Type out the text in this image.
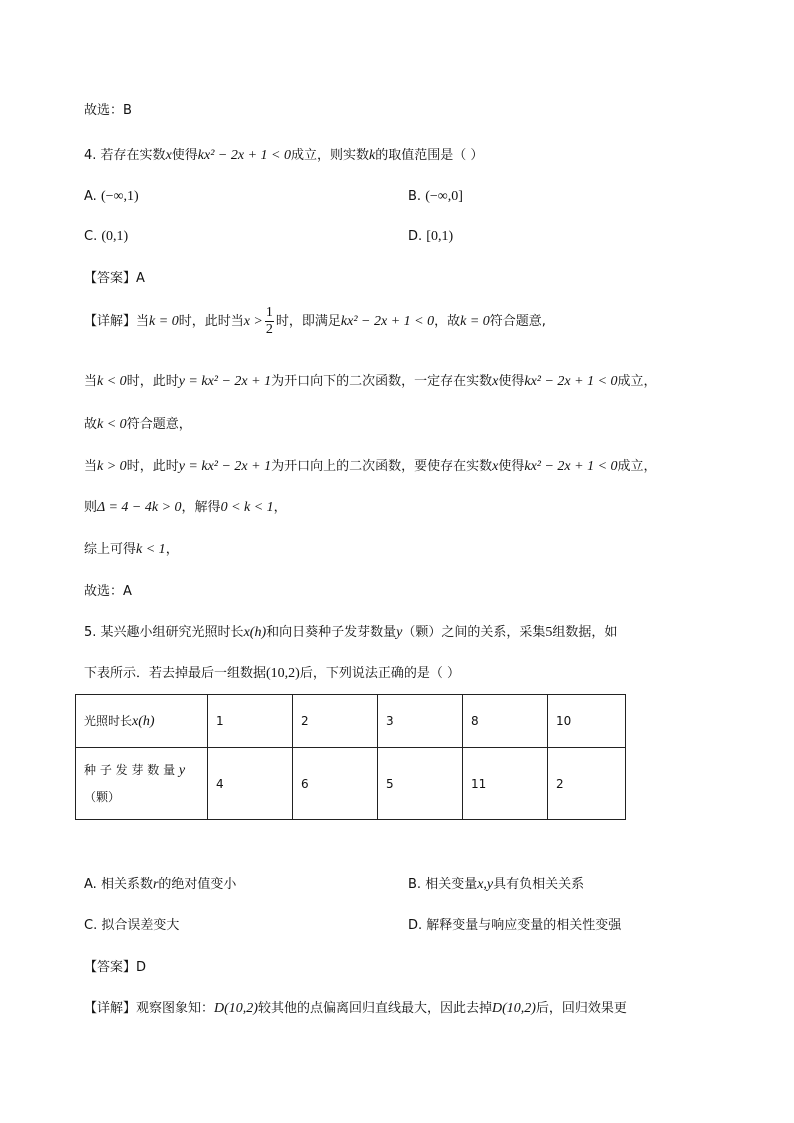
故选：B
4. 若存在实数x使得kx² − 2x + 1 < 0成立，则实数k的取值范围是（ ）
A. (−∞,1)	B. (−∞,0]
C. (0,1)	D. [0,1)
【答案】A
【详解】当k = 0时，此时当$x > \frac{1}{2}$ 时，即满足kx² − 2x + 1 < 0，故k = 0符合题意,
当k < 0时，此时y = kx² − 2x + 1为开口向下的二次函数，一定存在实数x使得kx² − 2x + 1 < 0成立，
故k < 0符合题意，
当k > 0时，此时y = kx² − 2x + 1为开口向上的二次函数，要使存在实数x使得kx² − 2x + 1 < 0成立，
则Δ = 4 − 4k > 0，解得0 < k < 1，
综上可得k < 1，
故选：A
5. 某兴趣小组研究光照时长x(h)和向日葵种子发芽数量y（颗）之间的关系，采集5组数据，如
下表所示．若去掉最后一组数据(10,2)后，下列说法正确的是（ ）
光照时长x(h)	1	2	3	8	10
种 子 发 芽 数 量 y
（颗）	4	6	5	11	2
A. 相关系数r的绝对值变小	B. 相关变量x,y具有负相关关系
C. 拟合误差变大	D. 解释变量与响应变量的相关性变强
【答案】D
【详解】观察图象知：D(10,2)较其他的点偏离回归直线最大，因此去掉D(10,2)后，回归效果更
